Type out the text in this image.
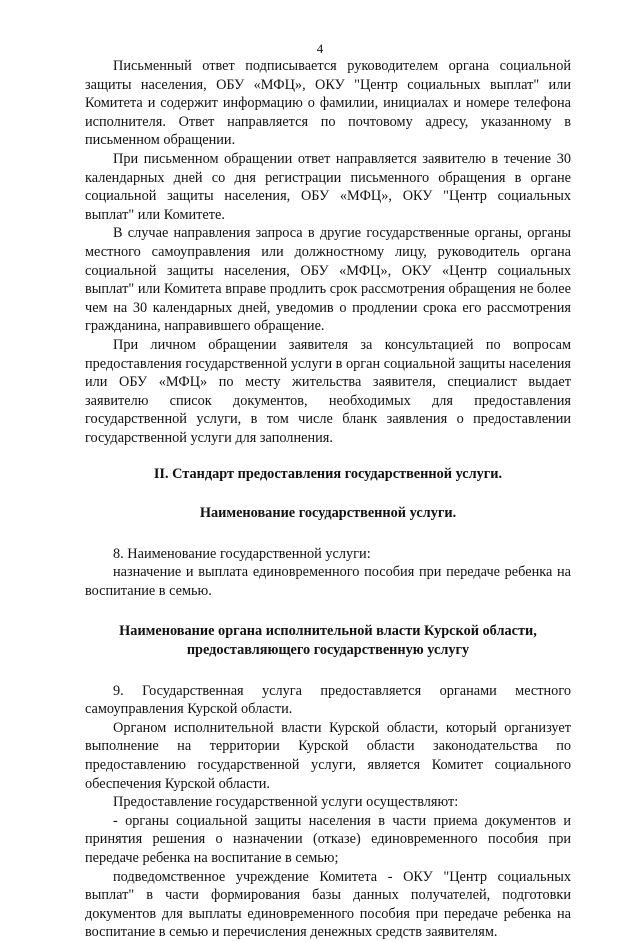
4

Письменный ответ подписывается руководителем органа социальной защиты населения, ОБУ «МФЦ», ОКУ "Центр социальных выплат" или Комитета и содержит информацию о фамилии, инициалах и номере телефона исполнителя. Ответ направляется по почтовому адресу, указанному в письменном обращении.

При письменном обращении ответ направляется заявителю в течение 30 календарных дней со дня регистрации письменного обращения в органе социальной защиты населения, ОБУ «МФЦ», ОКУ "Центр социальных выплат" или Комитете.

В случае направления запроса в другие государственные органы, органы местного самоуправления или должностному лицу, руководитель органа социальной защиты населения, ОБУ «МФЦ», ОКУ «Центр социальных выплат" или Комитета вправе продлить срок рассмотрения обращения не более чем на 30 календарных дней, уведомив о продлении срока его рассмотрения гражданина, направившего обращение.

При личном обращении заявителя за консультацией по вопросам предоставления государственной услуги в орган социальной защиты населения или ОБУ «МФЦ» по месту жительства заявителя, специалист выдает заявителю список документов, необходимых для предоставления государственной услуги, в том числе бланк заявления о предоставлении государственной услуги для заполнения.

II. Стандарт предоставления государственной услуги.

Наименование государственной услуги.

8. Наименование государственной услуги:

назначение и выплата единовременного пособия при передаче ребенка на воспитание в семью.

Наименование органа исполнительной власти Курской области,

предоставляющего государственную услугу

9. Государственная услуга предоставляется органами местного самоуправления Курской области.

Органом исполнительной власти Курской области, который организует выполнение на территории Курской области законодательства по предоставлению государственной услуги, является Комитет социального обеспечения Курской области.

Предоставление государственной услуги осуществляют:

- органы социальной защиты населения в части приема документов и принятия решения о назначении (отказе) единовременного пособия при передаче ребенка на воспитание в семью;

подведомственное учреждение Комитета - ОКУ "Центр социальных выплат" в части формирования базы данных получателей, подготовки документов для выплаты единовременного пособия при передаче ребенка на воспитание в семью и перечисления денежных средств заявителям.
